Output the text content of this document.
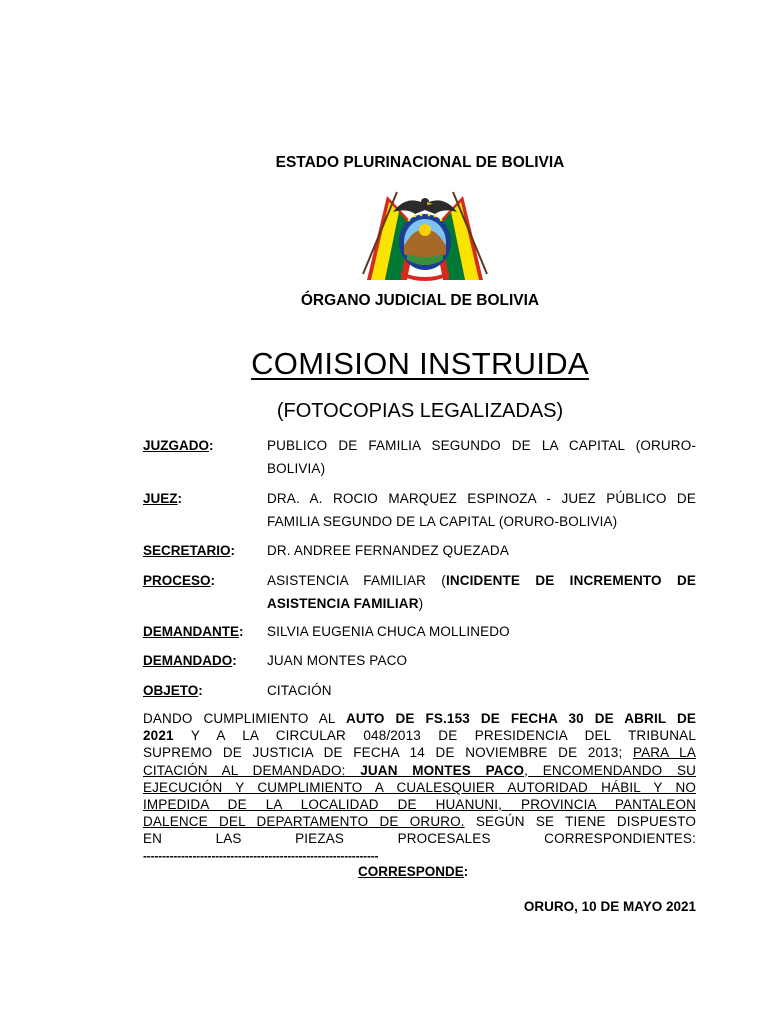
ESTADO PLURINACIONAL DE BOLIVIA
ÓRGANO JUDICIAL DE BOLIVIA
COMISION INSTRUIDA
(FOTOCOPIAS LEGALIZADAS)
JUZGADO:	PUBLICO DE FAMILIA SEGUNDO DE LA CAPITAL (ORURO-BOLIVIA)
JUEZ:	DRA. A. ROCIO MARQUEZ ESPINOZA - JUEZ PÚBLICO DE FAMILIA SEGUNDO DE LA CAPITAL (ORURO-BOLIVIA)
SECRETARIO: DR. ANDREE FERNANDEZ QUEZADA
PROCESO:	ASISTENCIA FAMILIAR (INCIDENTE DE INCREMENTO DE ASISTENCIA FAMILIAR)
DEMANDANTE: SILVIA EUGENIA CHUCA MOLLINEDO
DEMANDADO: JUAN MONTES PACO
OBJETO:	CITACIÓN
DANDO CUMPLIMIENTO AL AUTO DE FS.153 DE FECHA 30 DE ABRIL DE
2021 Y A LA CIRCULAR 048/2013 DE PRESIDENCIA DEL TRIBUNAL
SUPREMO DE JUSTICIA DE FECHA 14 DE NOVIEMBRE DE 2013; PARA LA
CITACIÓN AL DEMANDADO: JUAN MONTES PACO, ENCOMENDANDO SU
EJECUCIÓN Y CUMPLIMIENTO A CUALESQUIER AUTORIDAD HÁBIL Y NO
IMPEDIDA DE LA LOCALIDAD DE HUANUNI, PROVINCIA PANTALEON
DALENCE DEL DEPARTAMENTO DE ORURO. SEGÚN SE TIENE DISPUESTO
EN LAS PIEZAS PROCESALES CORRESPONDIENTES:
--------------------------------------------------------------
CORRESPONDE:
ORURO, 10 DE MAYO 2021
